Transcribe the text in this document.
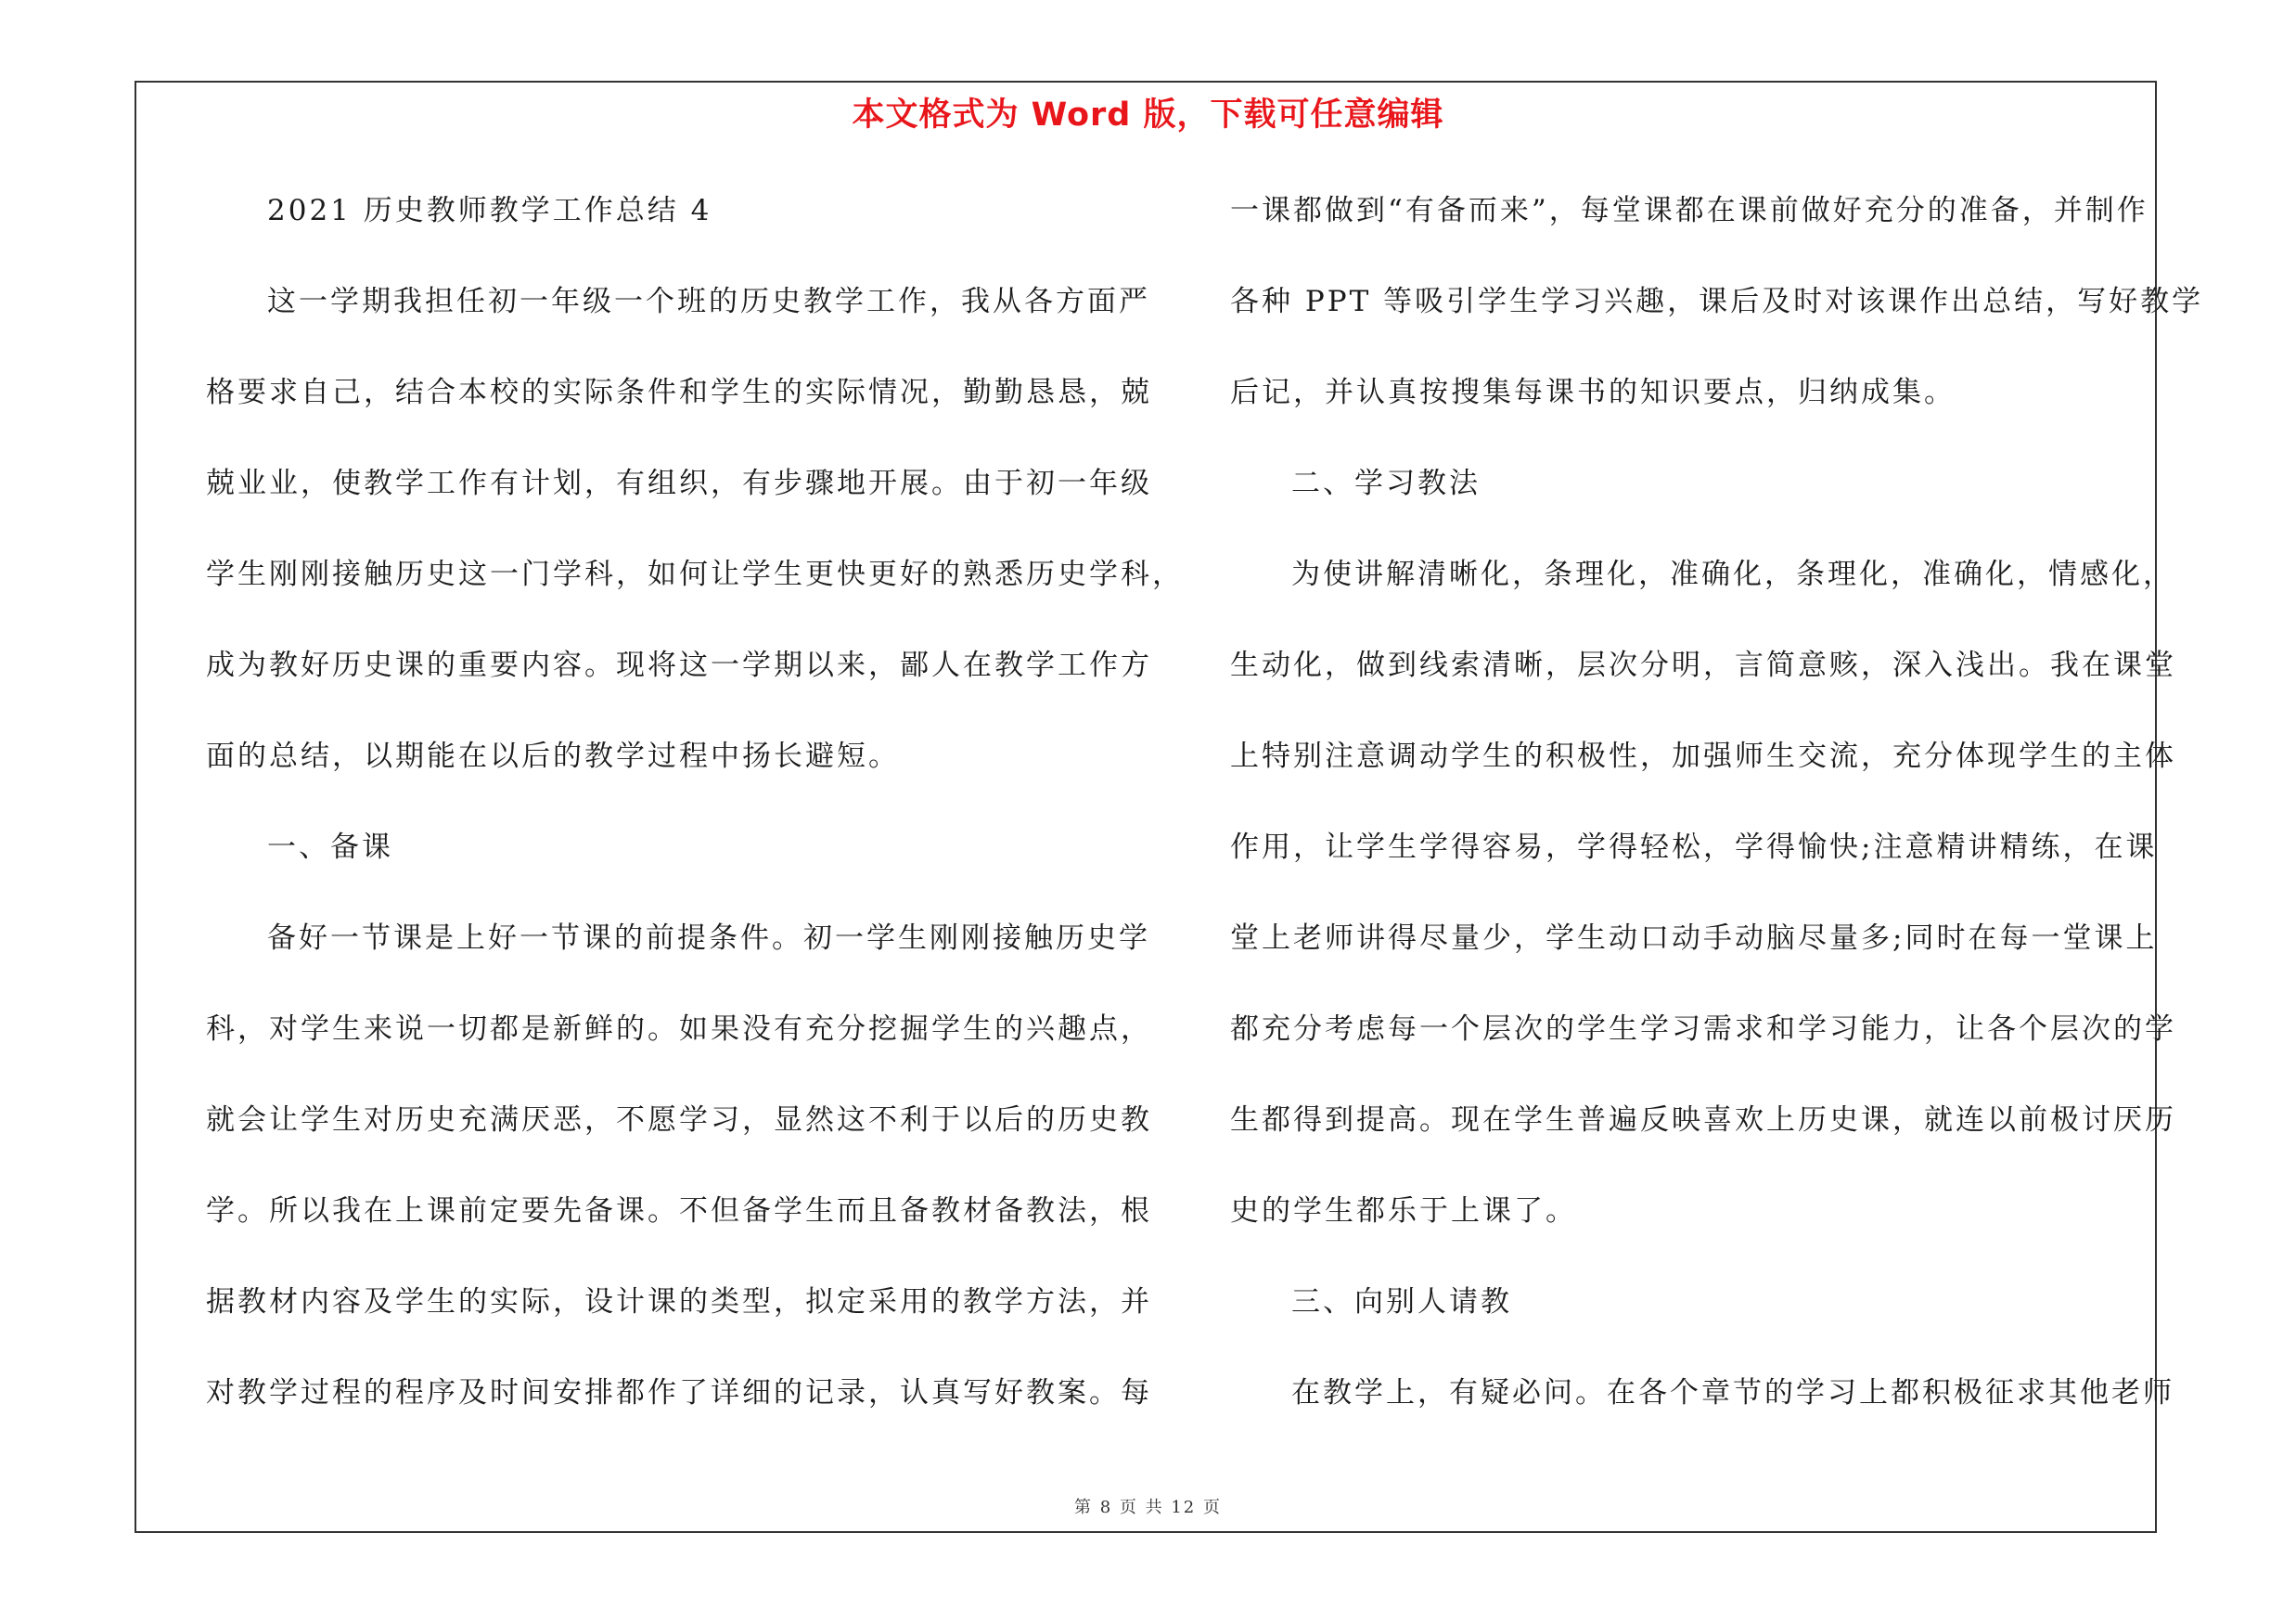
本文格式为 Word 版，下载可任意编辑
2021 历史教师教学工作总结 4
这一学期我担任初一年级一个班的历史教学工作，我从各方面严
格要求自己，结合本校的实际条件和学生的实际情况，勤勤恳恳，兢
兢业业，使教学工作有计划，有组织，有步骤地开展。由于初一年级
学生刚刚接触历史这一门学科，如何让学生更快更好的熟悉历史学科，
成为教好历史课的重要内容。现将这一学期以来，鄙人在教学工作方
面的总结，以期能在以后的教学过程中扬长避短。
一、备课
备好一节课是上好一节课的前提条件。初一学生刚刚接触历史学
科，对学生来说一切都是新鲜的。如果没有充分挖掘学生的兴趣点，
就会让学生对历史充满厌恶，不愿学习，显然这不利于以后的历史教
学。所以我在上课前定要先备课。不但备学生而且备教材备教法，根
据教材内容及学生的实际，设计课的类型，拟定采用的教学方法，并
对教学过程的程序及时间安排都作了详细的记录，认真写好教案。每
一课都做到“有备而来”，每堂课都在课前做好充分的准备，并制作
各种 PPT 等吸引学生学习兴趣，课后及时对该课作出总结，写好教学
后记，并认真按搜集每课书的知识要点，归纳成集。
二、学习教法
为使讲解清晰化，条理化，准确化，条理化，准确化，情感化，
生动化，做到线索清晰，层次分明，言简意赅，深入浅出。我在课堂
上特别注意调动学生的积极性，加强师生交流，充分体现学生的主体
作用，让学生学得容易，学得轻松，学得愉快;注意精讲精练，在课
堂上老师讲得尽量少，学生动口动手动脑尽量多;同时在每一堂课上
都充分考虑每一个层次的学生学习需求和学习能力，让各个层次的学
生都得到提高。现在学生普遍反映喜欢上历史课，就连以前极讨厌历
史的学生都乐于上课了。
三、向别人请教
在教学上，有疑必问。在各个章节的学习上都积极征求其他老师
第 8 页 共 12 页
